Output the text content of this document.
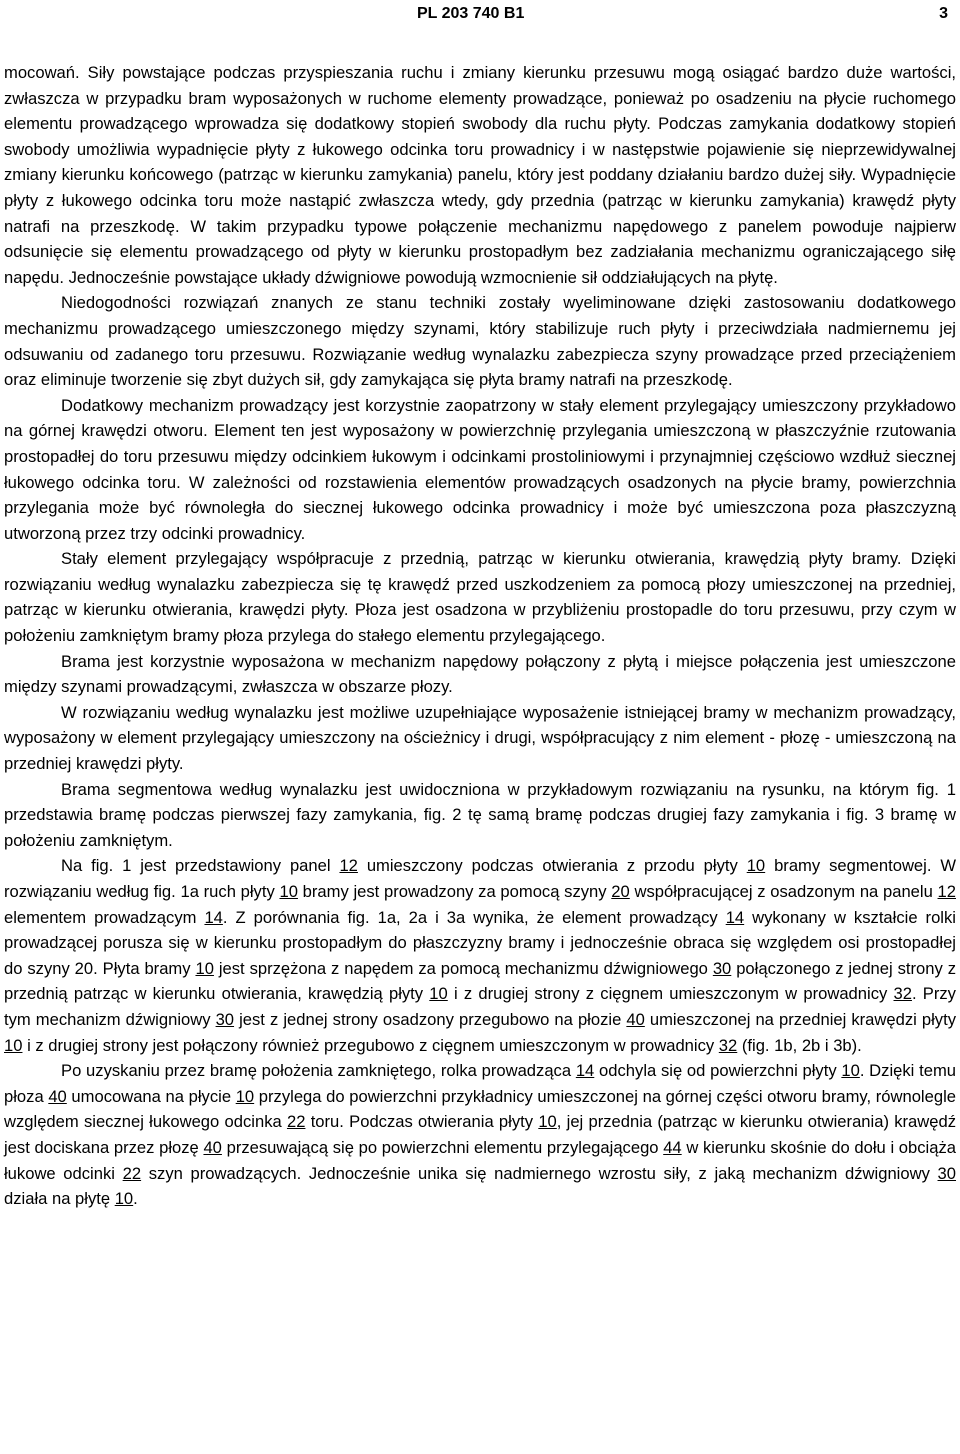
PL 203 740 B1	3

mocowań. Siły powstające podczas przyspieszania ruchu i zmiany kierunku przesuwu mogą osiągać bardzo duże wartości, zwłaszcza w przypadku bram wyposażonych w ruchome elementy prowadzące, ponieważ po osadzeniu na płycie ruchomego elementu prowadzącego wprowadza się dodatkowy stopień swobody dla ruchu płyty. Podczas zamykania dodatkowy stopień swobody umożliwia wypadnięcie płyty z łukowego odcinka toru prowadnicy i w następstwie pojawienie się nieprzewidywalnej zmiany kierunku końcowego (patrząc w kierunku zamykania) panelu, który jest poddany działaniu bardzo dużej siły. Wypadnięcie płyty z łukowego odcinka toru może nastąpić zwłaszcza wtedy, gdy przednia (patrząc w kierunku zamykania) krawędź płyty natrafi na przeszkodę. W takim przypadku typowe połączenie mechanizmu napędowego z panelem powoduje najpierw odsunięcie się elementu prowadzącego od płyty w kierunku prostopadłym bez zadziałania mechanizmu ograniczającego siłę napędu. Jednocześnie powstające układy dźwigniowe powodują wzmocnienie sił oddziałujących na płytę.

Niedogodności rozwiązań znanych ze stanu techniki zostały wyeliminowane dzięki zastosowaniu dodatkowego mechanizmu prowadzącego umieszczonego między szynami, który stabilizuje ruch płyty i przeciwdziała nadmiernemu jej odsuwaniu od zadanego toru przesuwu. Rozwiązanie według wynalazku zabezpiecza szyny prowadzące przed przeciążeniem oraz eliminuje tworzenie się zbyt dużych sił, gdy zamykająca się płyta bramy natrafi na przeszkodę.

Dodatkowy mechanizm prowadzący jest korzystnie zaopatrzony w stały element przylegający umieszczony przykładowo na górnej krawędzi otworu. Element ten jest wyposażony w powierzchnię przylegania umieszczoną w płaszczyźnie rzutowania prostopadłej do toru przesuwu między odcinkiem łukowym i odcinkami prostoliniowymi i przynajmniej częściowo wzdłuż siecznej łukowego odcinka toru. W zależności od rozstawienia elementów prowadzących osadzonych na płycie bramy, powierzchnia przylegania może być równoległa do siecznej łukowego odcinka prowadnicy i może być umieszczona poza płaszczyzną utworzoną przez trzy odcinki prowadnicy.

Stały element przylegający współpracuje z przednią, patrząc w kierunku otwierania, krawędzią płyty bramy. Dzięki rozwiązaniu według wynalazku zabezpiecza się tę krawędź przed uszkodzeniem za pomocą płozy umieszczonej na przedniej, patrząc w kierunku otwierania, krawędzi płyty. Płoza jest osadzona w przybliżeniu prostopadle do toru przesuwu, przy czym w położeniu zamkniętym bramy płoza przylega do stałego elementu przylegającego.

Brama jest korzystnie wyposażona w mechanizm napędowy połączony z płytą i miejsce połączenia jest umieszczone między szynami prowadzącymi, zwłaszcza w obszarze płozy.

W rozwiązaniu według wynalazku jest możliwe uzupełniające wyposażenie istniejącej bramy w mechanizm prowadzący, wyposażony w element przylegający umieszczony na ościeżnicy i drugi, współpracujący z nim element - płozę - umieszczoną na przedniej krawędzi płyty.

Brama segmentowa według wynalazku jest uwidoczniona w przykładowym rozwiązaniu na rysunku, na którym fig. 1 przedstawia bramę podczas pierwszej fazy zamykania, fig. 2 tę samą bramę podczas drugiej fazy zamykania i fig. 3 bramę w położeniu zamkniętym.

Na fig. 1 jest przedstawiony panel 12 umieszczony podczas otwierania z przodu płyty 10 bramy segmentowej. W rozwiązaniu według fig. 1a ruch płyty 10 bramy jest prowadzony za pomocą szyny 20 współpracującej z osadzonym na panelu 12 elementem prowadzącym 14. Z porównania fig. 1a, 2a i 3a wynika, że element prowadzący 14 wykonany w kształcie rolki prowadzącej porusza się w kierunku prostopadłym do płaszczyzny bramy i jednocześnie obraca się względem osi prostopadłej do szyny 20. Płyta bramy 10 jest sprzężona z napędem za pomocą mechanizmu dźwigniowego 30 połączonego z jednej strony z przednią patrząc w kierunku otwierania, krawędzią płyty 10 i z drugiej strony z cięgnem umieszczonym w prowadnicy 32. Przy tym mechanizm dźwigniowy 30 jest z jednej strony osadzony przegubowo na płozie 40 umieszczonej na przedniej krawędzi płyty 10 i z drugiej strony jest połączony również przegubowo z cięgnem umieszczonym w prowadnicy 32 (fig. 1b, 2b i 3b).

Po uzyskaniu przez bramę położenia zamkniętego, rolka prowadząca 14 odchyla się od powierzchni płyty 10. Dzięki temu płoza 40 umocowana na płycie 10 przylega do powierzchni przykładnicy umieszczonej na górnej części otworu bramy, równolegle względem siecznej łukowego odcinka 22 toru. Podczas otwierania płyty 10, jej przednia (patrząc w kierunku otwierania) krawędź jest dociskana przez płozę 40 przesuwającą się po powierzchni elementu przylegającego 44 w kierunku skośnie do dołu i obciąża łukowe odcinki 22 szyn prowadzących. Jednocześnie unika się nadmiernego wzrostu siły, z jaką mechanizm dźwigniowy 30 działa na płytę 10.
